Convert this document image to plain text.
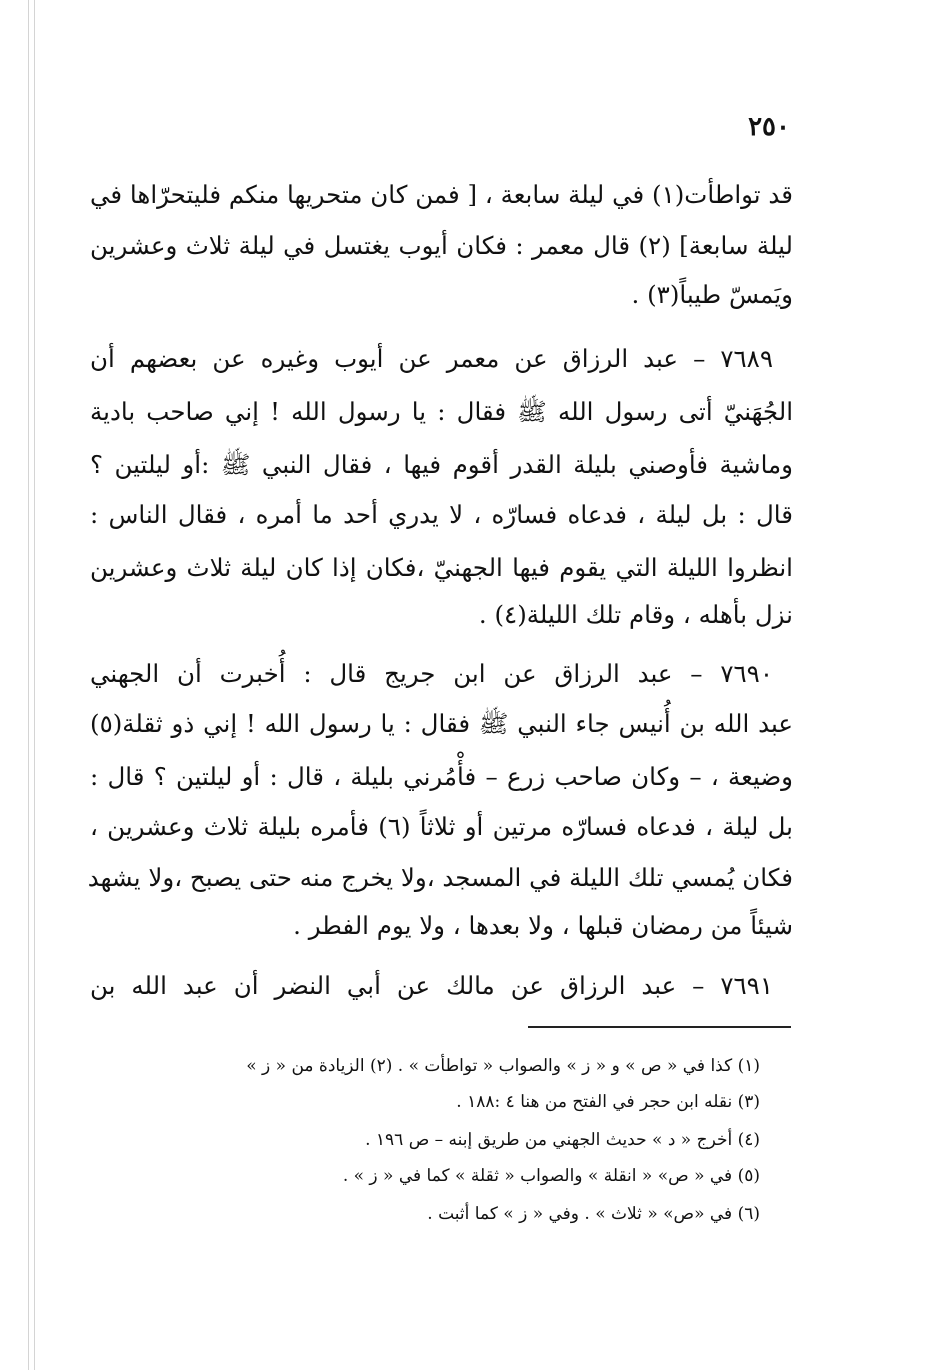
٢٥٠
قد تواطأت(١) في ليلة سابعة ، [ فمن كان متحريها منكم فليتحرّاها في
ليلة سابعة] (٢) قال معمر : فكان أيوب يغتسل في ليلة ثلاث وعشرين
ويَمسّ طيباً(٣) .
٧٦٨٩ – عبد الرزاق عن معمر عن أيوب وغيره عن بعضهم أن
الجُهَنيّ أتى رسول الله ﷺ فقال : يا رسول الله ! إني صاحب بادية
وماشية فأوصني بليلة القدر أقوم فيها ، فقال النبي ﷺ :أو ليلتين ؟
قال : بل ليلة ، فدعاه فسارّه ، لا يدري أحد ما أمره ، فقال الناس :
انظروا الليلة التي يقوم فيها الجهنيّ ،فكان إذا كان ليلة ثلاث وعشرين
نزل بأهله ، وقام تلك الليلة(٤) .
٧٦٩٠ – عبد الرزاق عن ابن جريج قال : أُخبرت أن الجهني
عبد الله بن أُنيس جاء النبي ﷺ فقال : يا رسول الله ! إني ذو ثقلة(٥)
وضيعة ، – وكان صاحب زرع – فأْمُرني بليلة ، قال : أو ليلتين ؟ قال :
بل ليلة ، فدعاه فسارّه مرتين أو ثلاثاً (٦) فأمره بليلة ثلاث وعشرين ،
فكان يُمسي تلك الليلة في المسجد ،ولا يخرج منه حتى يصبح ،ولا يشهد
شيئاً من رمضان قبلها ، ولا بعدها ، ولا يوم الفطر .
٧٦٩١ – عبد الرزاق عن مالك عن أبي النضر أن عبد الله بن
(١) كذا في « ص » و « ز » والصواب « تواطأت » . (٢) الزيادة من « ز »
(٣) نقله ابن حجر في الفتح من هنا ٤ :١٨٨ .
(٤) أخرج « د » حديث الجهني من طريق إبنه – ص ١٩٦ .
(٥) في « ص» « انقلة » والصواب « ثقلة » كما في « ز » .
(٦) في «ص» « ثلاث » . وفي « ز » كما أثبت .
